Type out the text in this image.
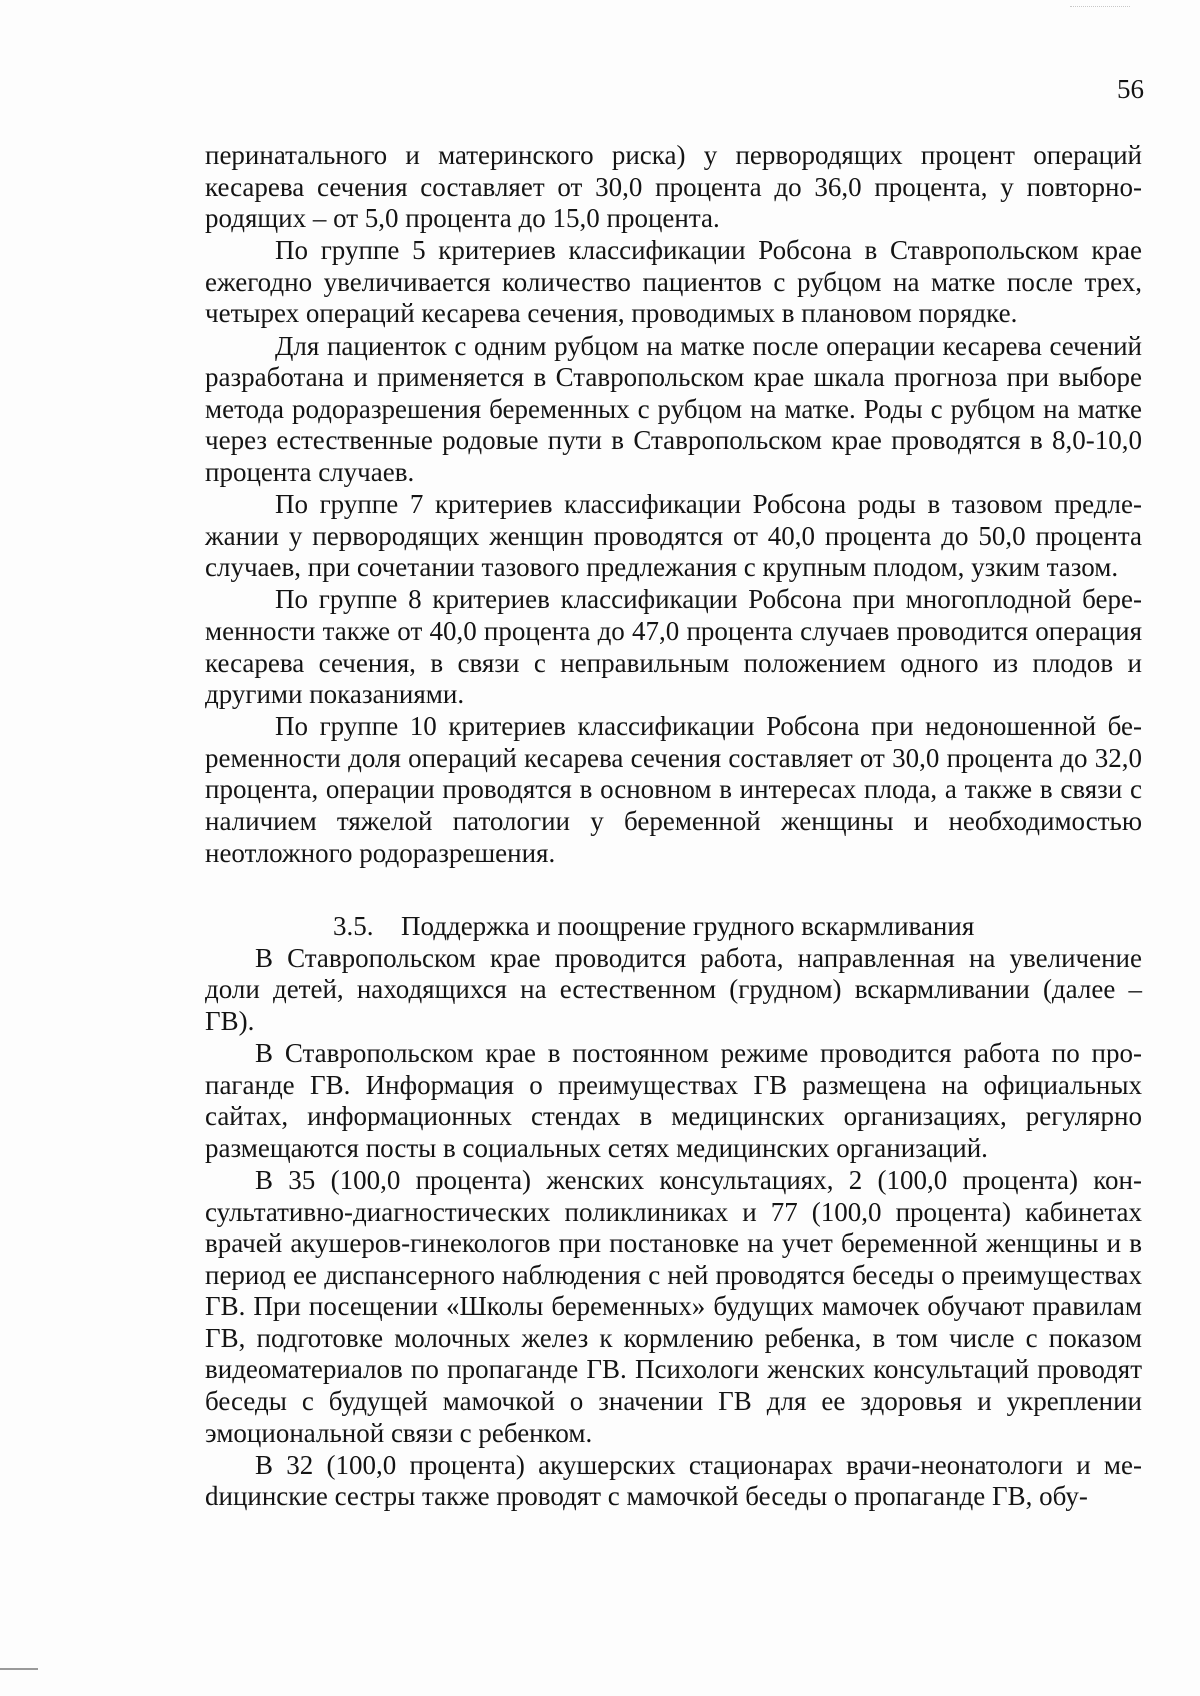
56

перинатального и материнского риска) у первородящих процент операций кесарева сечения составляет от 30,0 процента до 36,0 процента, у повторнородящих – от 5,0 процента до 15,0 процента.

По группе 5 критериев классификации Робсона в Ставропольском крае ежегодно увеличивается количество пациентов с рубцом на матке после трех, четырех операций кесарева сечения, проводимых в плановом порядке.

Для пациенток с одним рубцом на матке после операции кесарева сечений разработана и применяется в Ставропольском крае шкала прогноза при выборе метода родоразрешения беременных с рубцом на матке. Роды с рубцом на матке через естественные родовые пути в Ставропольском крае проводятся в 8,0-10,0 процента случаев.

По группе 7 критериев классификации Робсона роды в тазовом предлежании у первородящих женщин проводятся от 40,0 процента до 50,0 процента случаев, при сочетании тазового предлежания с крупным плодом, узким тазом.

По группе 8 критериев классификации Робсона при многоплодной беременности также от 40,0 процента до 47,0 процента случаев проводится операция кесарева сечения, в связи с неправильным положением одного из плодов и другими показаниями.

По группе 10 критериев классификации Робсона при недоношенной беременности доля операций кесарева сечения составляет от 30,0 процента до 32,0 процента, операции проводятся в основном в интересах плода, а также в связи с наличием тяжелой патологии у беременной женщины и необходимостью неотложного родоразрешения.

3.5. Поддержка и поощрение грудного вскармливания

В Ставропольском крае проводится работа, направленная на увеличение доли детей, находящихся на естественном (грудном) вскармливании (далее – ГВ).

В Ставропольском крае в постоянном режиме проводится работа по пропаганде ГВ. Информация о преимуществах ГВ размещена на официальных сайтах, информационных стендах в медицинских организациях, регулярно размещаются посты в социальных сетях медицинских организаций.

В 35 (100,0 процента) женских консультациях, 2 (100,0 процента) консультативно-диагностических поликлиниках и 77 (100,0 процента) кабинетах врачей акушеров-гинекологов при постановке на учет беременной женщины и в период ее диспансерного наблюдения с ней проводятся беседы о преимуществах ГВ. При посещении «Школы беременных» будущих мамочек обучают правилам ГВ, подготовке молочных желез к кормлению ребенка, в том числе с показом видеоматериалов по пропаганде ГВ. Психологи женских консультаций проводят беседы с будущей мамочкой о значении ГВ для ее здоровья и укреплении эмоциональной связи с ребенком.

В 32 (100,0 процента) акушерских стационарах врачи-неонатологи и меdицинские сестры также проводят с мамочкой беседы о пропаганде ГВ, обу-
